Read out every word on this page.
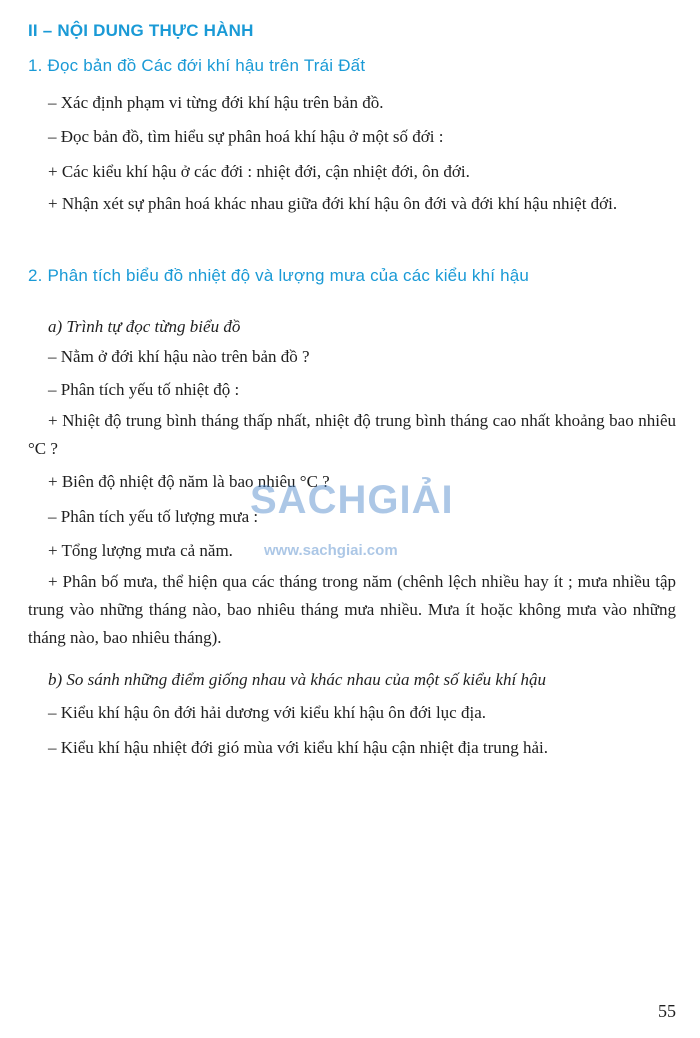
II – NỘI DUNG THỰC HÀNH
1. Đọc bản đồ Các đới khí hậu trên Trái Đất
– Xác định phạm vi từng đới khí hậu trên bản đồ.
– Đọc bản đồ, tìm hiểu sự phân hoá khí hậu ở một số đới :
+ Các kiểu khí hậu ở các đới : nhiệt đới, cận nhiệt đới, ôn đới.
+ Nhận xét sự phân hoá khác nhau giữa đới khí hậu ôn đới và đới khí hậu nhiệt đới.
2. Phân tích biểu đồ nhiệt độ và lượng mưa của các kiểu khí hậu
a) Trình tự đọc từng biểu đồ
– Nằm ở đới khí hậu nào trên bản đồ ?
– Phân tích yếu tố nhiệt độ :
+ Nhiệt độ trung bình tháng thấp nhất, nhiệt độ trung bình tháng cao nhất khoảng bao nhiêu °C ?
+ Biên độ nhiệt độ năm là bao nhiêu °C ?
– Phân tích yếu tố lượng mưa :
+ Tổng lượng mưa cả năm.
+ Phân bố mưa, thể hiện qua các tháng trong năm (chênh lệch nhiều hay ít ; mưa nhiều tập trung vào những tháng nào, bao nhiêu tháng mưa nhiều. Mưa ít hoặc không mưa vào những tháng nào, bao nhiêu tháng).
b) So sánh những điểm giống nhau và khác nhau của một số kiểu khí hậu
– Kiểu khí hậu ôn đới hải dương với kiểu khí hậu ôn đới lục địa.
– Kiểu khí hậu nhiệt đới gió mùa với kiểu khí hậu cận nhiệt địa trung hải.
SACHGIẢI
www.sachgiai.com
55
